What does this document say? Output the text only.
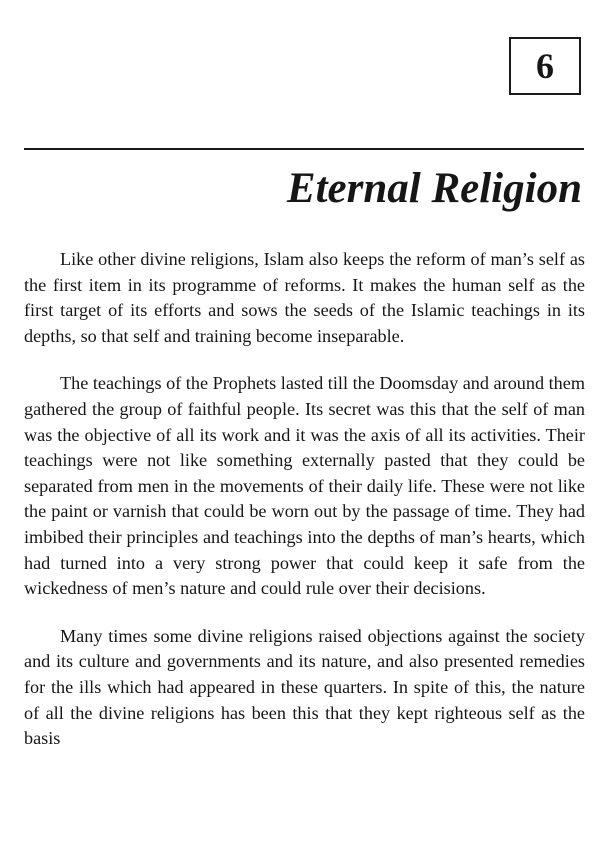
6
Eternal Religion

Like other divine religions, Islam also keeps the reform of man’s self as the first item in its programme of reforms. It makes the human self as the first target of its efforts and sows the seeds of the Islamic teachings in its depths, so that self and training become inseparable.

The teachings of the Prophets lasted till the Doomsday and around them gathered the group of faithful people. Its secret was this that the self of man was the objective of all its work and it was the axis of all its activities. Their teachings were not like something externally pasted that they could be separated from men in the movements of their daily life. These were not like the paint or varnish that could be worn out by the passage of time. They had imbibed their principles and teachings into the depths of man’s hearts, which had turned into a very strong power that could keep it safe from the wickedness of men’s nature and could rule over their decisions.

Many times some divine religions raised objections against the society and its culture and governments and its nature, and also presented remedies for the ills which had appeared in these quarters. In spite of this, the nature of all the divine religions has been this that they kept righteous self as the basis
